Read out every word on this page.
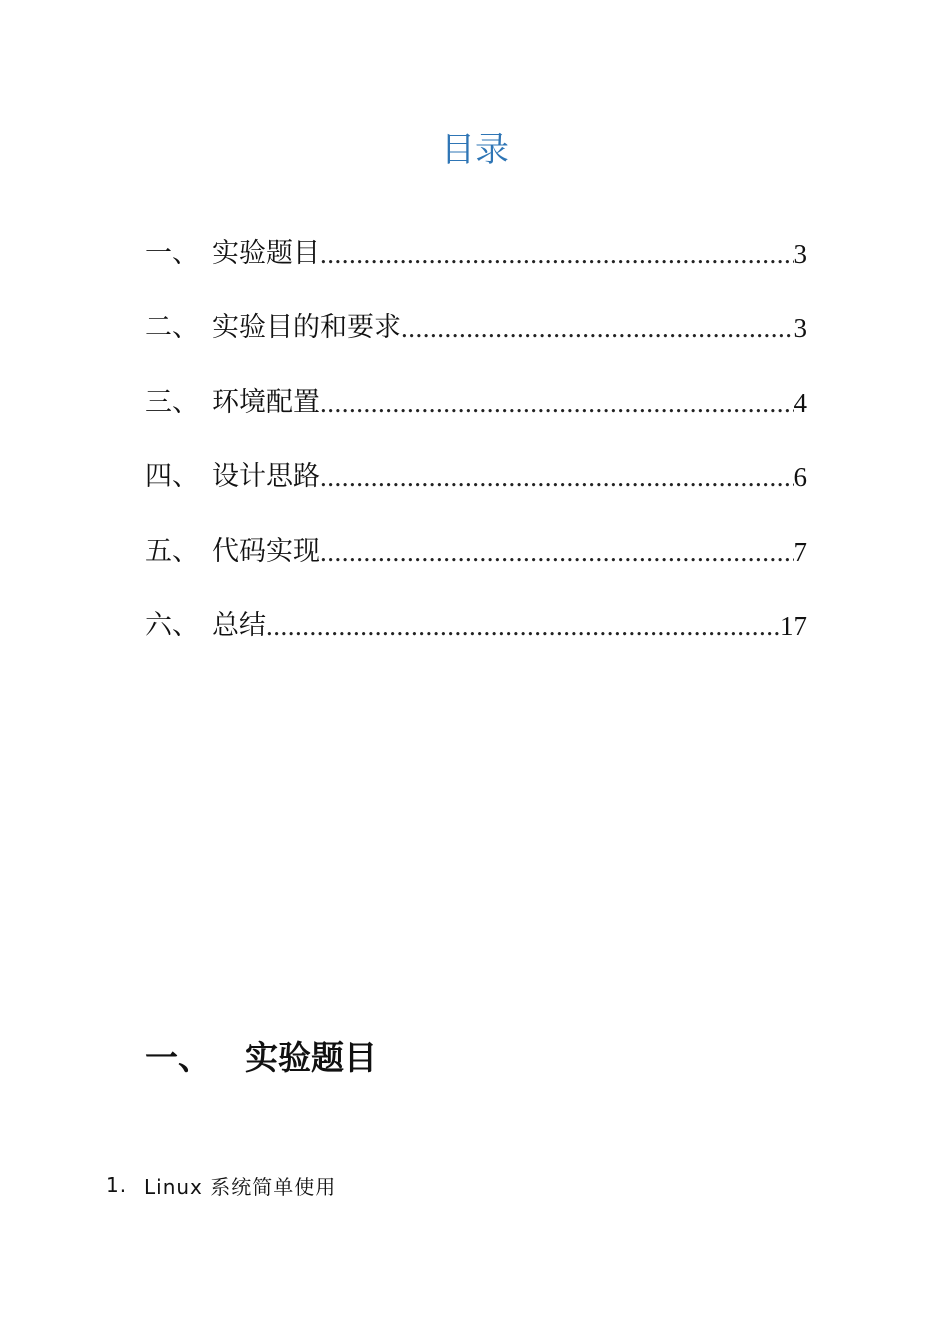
目录
一、 实验题目 .....	3
二、 实验目的和要求 .....	3
三、 环境配置 .....	4
四、 设计思路 .....	6
五、 代码实现 .....	7
六、 总结 .....	17
一、	实验题目
1. Linux 系统简单使用
